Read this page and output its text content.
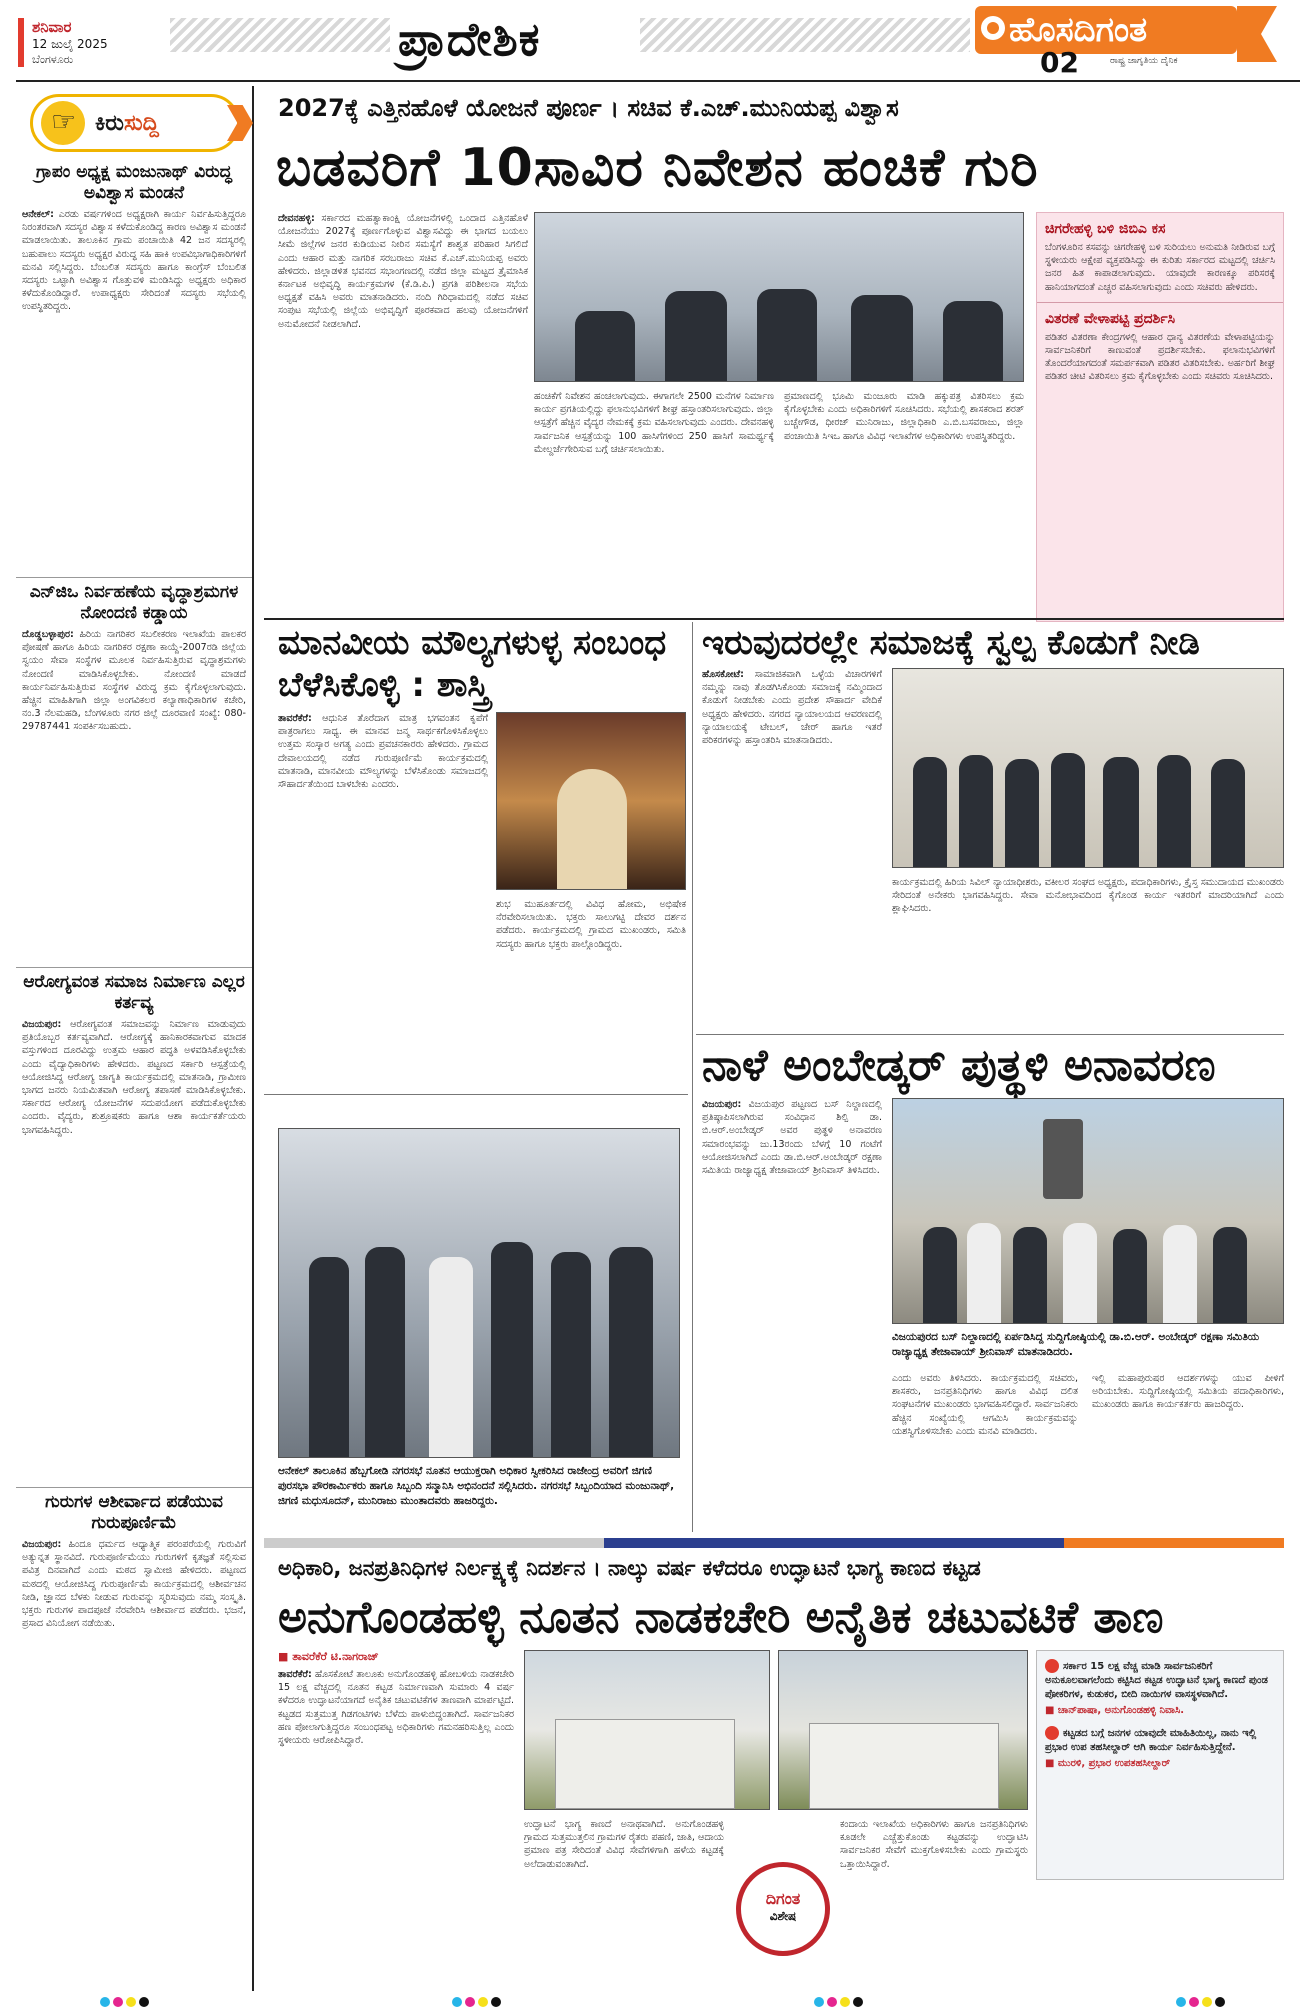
ಶನಿವಾರ
12 ಜುಲೈ 2025
ಬೆಂಗಳೂರು	ಪ್ರಾದೇಶಿಕ	ಹೊಸದಿಗಂತ
02	ರಾಷ್ಟ್ರ ಜಾಗೃತಿಯ ದೈನಿಕ
☞
ಕಿರುಸುದ್ದಿ
ಗ್ರಾಪಂ ಅಧ್ಯಕ್ಷ ಮಂಜುನಾಥ್ ವಿರುದ್ಧ ಅವಿಶ್ವಾಸ ಮಂಡನೆ

ಆನೇಕಲ್: ಎರಡು ವರ್ಷಗಳಿಂದ ಅಧ್ಯಕ್ಷರಾಗಿ ಕಾರ್ಯ ನಿರ್ವಹಿಸುತ್ತಿದ್ದರೂ ನಿರಂತರವಾಗಿ ಸದಸ್ಯರ ವಿಶ್ವಾಸ ಕಳೆದುಕೊಂಡಿದ್ದ ಕಾರಣ ಅವಿಶ್ವಾಸ ಮಂಡನೆ ಮಾಡಲಾಯಿತು. ತಾಲೂಕಿನ ಗ್ರಾಮ ಪಂಚಾಯಿತಿ 42 ಜನ ಸದಸ್ಯರಲ್ಲಿ ಬಹುಪಾಲು ಸದಸ್ಯರು ಅಧ್ಯಕ್ಷರ ವಿರುದ್ಧ ಸಹಿ ಹಾಕಿ ಉಪವಿಭಾಗಾಧಿಕಾರಿಗಳಿಗೆ ಮನವಿ ಸಲ್ಲಿಸಿದ್ದರು. ಬೆಂಬಲಿತ ಸದಸ್ಯರು ಹಾಗೂ ಕಾಂಗ್ರೆಸ್ ಬೆಂಬಲಿತ ಸದಸ್ಯರು ಒಟ್ಟಾಗಿ ಅವಿಶ್ವಾಸ ಗೊತ್ತುವಳಿ ಮಂಡಿಸಿದ್ದು ಅಧ್ಯಕ್ಷರು ಅಧಿಕಾರ ಕಳೆದುಕೊಂಡಿದ್ದಾರೆ. ಉಪಾಧ್ಯಕ್ಷರು ಸೇರಿದಂತೆ ಸದಸ್ಯರು ಸಭೆಯಲ್ಲಿ ಉಪಸ್ಥಿತರಿದ್ದರು.

ಎನ್‌ಜಿಒ ನಿರ್ವಹಣೆಯ ವೃದ್ಧಾಶ್ರಮಗಳ ನೋಂದಣಿ ಕಡ್ಡಾಯ

ದೊಡ್ಡಬಳ್ಳಾಪುರ: ಹಿರಿಯ ನಾಗರಿಕರ ಸಬಲೀಕರಣ ಇಲಾಖೆಯ ಪಾಲಕರ ಪೋಷಣೆ ಹಾಗೂ ಹಿರಿಯ ನಾಗರಿಕರ ರಕ್ಷಣಾ ಕಾಯ್ದೆ-2007ರಡಿ ಜಿಲ್ಲೆಯ ಸ್ವಯಂ ಸೇವಾ ಸಂಸ್ಥೆಗಳ ಮೂಲಕ ನಿರ್ವಹಿಸುತ್ತಿರುವ ವೃದ್ಧಾಶ್ರಮಗಳು ನೋಂದಣಿ ಮಾಡಿಸಿಕೊಳ್ಳಬೇಕು. ನೋಂದಣಿ ಮಾಡದೆ ಕಾರ್ಯನಿರ್ವಹಿಸುತ್ತಿರುವ ಸಂಸ್ಥೆಗಳ ವಿರುದ್ಧ ಕ್ರಮ ಕೈಗೊಳ್ಳಲಾಗುವುದು. ಹೆಚ್ಚಿನ ಮಾಹಿತಿಗಾಗಿ ಜಿಲ್ಲಾ ಅಂಗವಿಕಲರ ಕಲ್ಯಾಣಾಧಿಕಾರಿಗಳ ಕಚೇರಿ, ನಂ.3 ನೆಲಮಹಡಿ, ಬೆಂಗಳೂರು ನಗರ ಜಿಲ್ಲೆ ದೂರವಾಣಿ ಸಂಖ್ಯೆ: 080-29787441 ಸಂಪರ್ಕಿಸಬಹುದು.

ಆರೋಗ್ಯವಂತ ಸಮಾಜ ನಿರ್ಮಾಣ ಎಲ್ಲರ ಕರ್ತವ್ಯ

ವಿಜಯಪುರ: ಆರೋಗ್ಯವಂತ ಸಮಾಜವನ್ನು ನಿರ್ಮಾಣ ಮಾಡುವುದು ಪ್ರತಿಯೊಬ್ಬರ ಕರ್ತವ್ಯವಾಗಿದೆ. ಆರೋಗ್ಯಕ್ಕೆ ಹಾನಿಕಾರಕವಾಗುವ ಮಾದಕ ವಸ್ತುಗಳಿಂದ ದೂರವಿದ್ದು ಉತ್ತಮ ಆಹಾರ ಪದ್ಧತಿ ಅಳವಡಿಸಿಕೊಳ್ಳಬೇಕು ಎಂದು ವೈದ್ಯಾಧಿಕಾರಿಗಳು ಹೇಳಿದರು. ಪಟ್ಟಣದ ಸರ್ಕಾರಿ ಆಸ್ಪತ್ರೆಯಲ್ಲಿ ಆಯೋಜಿಸಿದ್ದ ಆರೋಗ್ಯ ಜಾಗೃತಿ ಕಾರ್ಯಕ್ರಮದಲ್ಲಿ ಮಾತನಾಡಿ, ಗ್ರಾಮೀಣ ಭಾಗದ ಜನರು ನಿಯಮಿತವಾಗಿ ಆರೋಗ್ಯ ತಪಾಸಣೆ ಮಾಡಿಸಿಕೊಳ್ಳಬೇಕು. ಸರ್ಕಾರದ ಆರೋಗ್ಯ ಯೋಜನೆಗಳ ಸದುಪಯೋಗ ಪಡೆದುಕೊಳ್ಳಬೇಕು ಎಂದರು. ವೈದ್ಯರು, ಶುಶ್ರೂಷಕರು ಹಾಗೂ ಆಶಾ ಕಾರ್ಯಕರ್ತೆಯರು ಭಾಗವಹಿಸಿದ್ದರು.

ಗುರುಗಳ ಆಶೀರ್ವಾದ ಪಡೆಯುವ ಗುರುಪೂರ್ಣಿಮೆ

ವಿಜಯಪುರ: ಹಿಂದೂ ಧರ್ಮದ ಆಧ್ಯಾತ್ಮಿಕ ಪರಂಪರೆಯಲ್ಲಿ ಗುರುವಿಗೆ ಅತ್ಯುನ್ನತ ಸ್ಥಾನವಿದೆ. ಗುರುಪೂರ್ಣಿಮೆಯು ಗುರುಗಳಿಗೆ ಕೃತಜ್ಞತೆ ಸಲ್ಲಿಸುವ ಪವಿತ್ರ ದಿನವಾಗಿದೆ ಎಂದು ಮಠದ ಸ್ವಾಮೀಜಿ ಹೇಳಿದರು. ಪಟ್ಟಣದ ಮಠದಲ್ಲಿ ಆಯೋಜಿಸಿದ್ದ ಗುರುಪೂರ್ಣಿಮೆ ಕಾರ್ಯಕ್ರಮದಲ್ಲಿ ಆಶೀರ್ವಚನ ನೀಡಿ, ಜ್ಞಾನದ ಬೆಳಕು ನೀಡುವ ಗುರುವನ್ನು ಸ್ಮರಿಸುವುದು ನಮ್ಮ ಸಂಸ್ಕೃತಿ. ಭಕ್ತರು ಗುರುಗಳ ಪಾದಪೂಜೆ ನೆರವೇರಿಸಿ ಆಶೀರ್ವಾದ ಪಡೆದರು. ಭಜನೆ, ಪ್ರಸಾದ ವಿನಿಯೋಗ ನಡೆಯಿತು.

2027ಕ್ಕೆ ಎತ್ತಿನಹೊಳೆ ಯೋಜನೆ ಪೂರ್ಣ । ಸಚಿವ ಕೆ.ಎಚ್.ಮುನಿಯಪ್ಪ ವಿಶ್ವಾಸ
ಬಡವರಿಗೆ 10ಸಾವಿರ ನಿವೇಶನ ಹಂಚಿಕೆ ಗುರಿ
ದೇವನಹಳ್ಳಿ: ಸರ್ಕಾರದ ಮಹತ್ವಾಕಾಂಕ್ಷಿ ಯೋಜನೆಗಳಲ್ಲಿ ಒಂದಾದ ಎತ್ತಿನಹೊಳೆ ಯೋಜನೆಯು 2027ಕ್ಕೆ ಪೂರ್ಣಗೊಳ್ಳುವ ವಿಶ್ವಾಸವಿದ್ದು ಈ ಭಾಗದ ಬಯಲು ಸೀಮೆ ಜಿಲ್ಲೆಗಳ ಜನರ ಕುಡಿಯುವ ನೀರಿನ ಸಮಸ್ಯೆಗೆ ಶಾಶ್ವತ ಪರಿಹಾರ ಸಿಗಲಿದೆ ಎಂದು ಆಹಾರ ಮತ್ತು ನಾಗರಿಕ ಸರಬರಾಜು ಸಚಿವ ಕೆ.ಎಚ್.ಮುನಿಯಪ್ಪ ಅವರು ಹೇಳಿದರು. ಜಿಲ್ಲಾಡಳಿತ ಭವನದ ಸಭಾಂಗಣದಲ್ಲಿ ನಡೆದ ಜಿಲ್ಲಾ ಮಟ್ಟದ ತ್ರೈಮಾಸಿಕ ಕರ್ನಾಟಕ ಅಭಿವೃದ್ಧಿ ಕಾರ್ಯಕ್ರಮಗಳ (ಕೆ.ಡಿ.ಪಿ.) ಪ್ರಗತಿ ಪರಿಶೀಲನಾ ಸಭೆಯ ಅಧ್ಯಕ್ಷತೆ ವಹಿಸಿ ಅವರು ಮಾತನಾಡಿದರು. ನಂದಿ ಗಿರಿಧಾಮದಲ್ಲಿ ನಡೆದ ಸಚಿವ ಸಂಪುಟ ಸಭೆಯಲ್ಲಿ ಜಿಲ್ಲೆಯ ಅಭಿವೃದ್ಧಿಗೆ ಪೂರಕವಾದ ಹಲವು ಯೋಜನೆಗಳಿಗೆ ಅನುಮೋದನೆ ನೀಡಲಾಗಿದೆ.
ಹಂಚಿಕೆಗೆ ನಿವೇಶನ ಹಂಚಲಾಗುವುದು. ಈಗಾಗಲೇ 2500 ಮನೆಗಳ ನಿರ್ಮಾಣ ಕಾರ್ಯ ಪ್ರಗತಿಯಲ್ಲಿದ್ದು ಫಲಾನುಭವಿಗಳಿಗೆ ಶೀಘ್ರ ಹಸ್ತಾಂತರಿಸಲಾಗುವುದು. ಜಿಲ್ಲಾ ಆಸ್ಪತ್ರೆಗೆ ಹೆಚ್ಚಿನ ವೈದ್ಯರ ನೇಮಕಕ್ಕೆ ಕ್ರಮ ವಹಿಸಲಾಗುವುದು ಎಂದರು. ದೇವನಹಳ್ಳಿ ಸಾರ್ವಜನಿಕ ಆಸ್ಪತ್ರೆಯನ್ನು 100 ಹಾಸಿಗೆಗಳಿಂದ 250 ಹಾಸಿಗೆ ಸಾಮರ್ಥ್ಯಕ್ಕೆ ಮೇಲ್ದರ್ಜೆಗೇರಿಸುವ ಬಗ್ಗೆ ಚರ್ಚಿಸಲಾಯಿತು.
ಪ್ರಮಾಣದಲ್ಲಿ ಭೂಮಿ ಮಂಜೂರು ಮಾಡಿ ಹಕ್ಕುಪತ್ರ ವಿತರಿಸಲು ಕ್ರಮ ಕೈಗೊಳ್ಳಬೇಕು ಎಂದು ಅಧಿಕಾರಿಗಳಿಗೆ ಸೂಚಿಸಿದರು. ಸಭೆಯಲ್ಲಿ ಶಾಸಕರಾದ ಶರತ್ ಬಚ್ಚೇಗೌಡ, ಧೀರಜ್ ಮುನಿರಾಜು, ಜಿಲ್ಲಾಧಿಕಾರಿ ಎ.ಬಿ.ಬಸವರಾಜು, ಜಿಲ್ಲಾ ಪಂಚಾಯಿತಿ ಸಿಇಒ ಹಾಗೂ ವಿವಿಧ ಇಲಾಖೆಗಳ ಅಧಿಕಾರಿಗಳು ಉಪಸ್ಥಿತರಿದ್ದರು.
ಚಿಗರೇಹಳ್ಳಿ ಬಳಿ ಜಿಬಿಎ ಕಸ

ಬೆಂಗಳೂರಿನ ಕಸವನ್ನು ಚಿಗರೇಹಳ್ಳಿ ಬಳಿ ಸುರಿಯಲು ಅನುಮತಿ ನೀಡಿರುವ ಬಗ್ಗೆ ಸ್ಥಳೀಯರು ಆಕ್ಷೇಪ ವ್ಯಕ್ತಪಡಿಸಿದ್ದು ಈ ಕುರಿತು ಸರ್ಕಾರದ ಮಟ್ಟದಲ್ಲಿ ಚರ್ಚಿಸಿ ಜನರ ಹಿತ ಕಾಪಾಡಲಾಗುವುದು. ಯಾವುದೇ ಕಾರಣಕ್ಕೂ ಪರಿಸರಕ್ಕೆ ಹಾನಿಯಾಗದಂತೆ ಎಚ್ಚರ ವಹಿಸಲಾಗುವುದು ಎಂದು ಸಚಿವರು ಹೇಳಿದರು.

ವಿತರಣೆ ವೇಳಾಪಟ್ಟಿ ಪ್ರದರ್ಶಿಸಿ

ಪಡಿತರ ವಿತರಣಾ ಕೇಂದ್ರಗಳಲ್ಲಿ ಆಹಾರ ಧಾನ್ಯ ವಿತರಣೆಯ ವೇಳಾಪಟ್ಟಿಯನ್ನು ಸಾರ್ವಜನಿಕರಿಗೆ ಕಾಣುವಂತೆ ಪ್ರದರ್ಶಿಸಬೇಕು. ಫಲಾನುಭವಿಗಳಿಗೆ ತೊಂದರೆಯಾಗದಂತೆ ಸಮರ್ಪಕವಾಗಿ ಪಡಿತರ ವಿತರಿಸಬೇಕು. ಅರ್ಹರಿಗೆ ಶೀಘ್ರ ಪಡಿತರ ಚೀಟಿ ವಿತರಿಸಲು ಕ್ರಮ ಕೈಗೊಳ್ಳಬೇಕು ಎಂದು ಸಚಿವರು ಸೂಚಿಸಿದರು.

ಮಾನವೀಯ ಮೌಲ್ಯಗಳುಳ್ಳ ಸಂಬಂಧ ಬೆಳೆಸಿಕೊಳ್ಳಿ : ಶಾಸ್ತ್ರಿ
ತಾವರೆಕೆರೆ: ಆಧುನಿಕ ತೊರೆದಾಗ ಮಾತ್ರ ಭಗವಂತನ ಕೃಪೆಗೆ ಪಾತ್ರರಾಗಲು ಸಾಧ್ಯ. ಈ ಮಾನವ ಜನ್ಮ ಸಾರ್ಥಕಗೊಳಿಸಿಕೊಳ್ಳಲು ಉತ್ತಮ ಸಂಸ್ಕಾರ ಅಗತ್ಯ ಎಂದು ಪ್ರವಚನಕಾರರು ಹೇಳಿದರು. ಗ್ರಾಮದ ದೇವಾಲಯದಲ್ಲಿ ನಡೆದ ಗುರುಪೂರ್ಣಿಮೆ ಕಾರ್ಯಕ್ರಮದಲ್ಲಿ ಮಾತನಾಡಿ, ಮಾನವೀಯ ಮೌಲ್ಯಗಳನ್ನು ಬೆಳೆಸಿಕೊಂಡು ಸಮಾಜದಲ್ಲಿ ಸೌಹಾರ್ದತೆಯಿಂದ ಬಾಳಬೇಕು ಎಂದರು.
ಶುಭ ಮುಹೂರ್ತದಲ್ಲಿ ವಿವಿಧ ಹೋಮ, ಅಭಿಷೇಕ ನೆರವೇರಿಸಲಾಯಿತು. ಭಕ್ತರು ಸಾಲುಗಟ್ಟಿ ದೇವರ ದರ್ಶನ ಪಡೆದರು. ಕಾರ್ಯಕ್ರಮದಲ್ಲಿ ಗ್ರಾಮದ ಮುಖಂಡರು, ಸಮಿತಿ ಸದಸ್ಯರು ಹಾಗೂ ಭಕ್ತರು ಪಾಲ್ಗೊಂಡಿದ್ದರು.
ಇರುವುದರಲ್ಲೇ ಸಮಾಜಕ್ಕೆ ಸ್ವಲ್ಪ ಕೊಡುಗೆ ನೀಡಿ
ಹೊಸಕೋಟೆ: ಸಾಮಾಜಿಕವಾಗಿ ಒಳ್ಳೆಯ ವಿಚಾರಗಳಿಗೆ ನಮ್ಮನ್ನು ನಾವು ತೊಡಗಿಸಿಕೊಂಡು ಸಮಾಜಕ್ಕೆ ನಮ್ಮಿಂದಾದ ಕೊಡುಗೆ ನೀಡಬೇಕು ಎಂದು ಪ್ರದೇಶ ಸೌಹಾರ್ದ ವೇದಿಕೆ ಅಧ್ಯಕ್ಷರು ಹೇಳಿದರು. ನಗರದ ನ್ಯಾಯಾಲಯದ ಆವರಣದಲ್ಲಿ ನ್ಯಾಯಾಲಯಕ್ಕೆ ಟೇಬಲ್, ಚೇರ್ ಹಾಗೂ ಇತರೆ ಪರಿಕರಗಳನ್ನು ಹಸ್ತಾಂತರಿಸಿ ಮಾತನಾಡಿದರು.
ಕಾರ್ಯಕ್ರಮದಲ್ಲಿ ಹಿರಿಯ ಸಿವಿಲ್ ನ್ಯಾಯಾಧೀಶರು, ವಕೀಲರ ಸಂಘದ ಅಧ್ಯಕ್ಷರು, ಪದಾಧಿಕಾರಿಗಳು, ಕ್ರೈಸ್ತ ಸಮುದಾಯದ ಮುಖಂಡರು ಸೇರಿದಂತೆ ಅನೇಕರು ಭಾಗವಹಿಸಿದ್ದರು. ಸೇವಾ ಮನೋಭಾವದಿಂದ ಕೈಗೊಂಡ ಕಾರ್ಯ ಇತರರಿಗೆ ಮಾದರಿಯಾಗಿದೆ ಎಂದು ಶ್ಲಾಘಿಸಿದರು.
ಆನೇಕಲ್ ತಾಲೂಕಿನ ಹೆಬ್ಬಗೋಡಿ ನಗರಸಭೆ ನೂತನ ಆಯುಕ್ತರಾಗಿ ಅಧಿಕಾರ ಸ್ವೀಕರಿಸಿದ ರಾಜೇಂದ್ರ ಅವರಿಗೆ ಜಿಗಣಿ ಪುರಸಭಾ ಪೌರಕಾರ್ಮಿಕರು ಹಾಗೂ ಸಿಬ್ಬಂದಿ ಸನ್ಮಾನಿಸಿ ಅಭಿನಂದನೆ ಸಲ್ಲಿಸಿದರು. ನಗರಸಭೆ ಸಿಬ್ಬಂದಿಯಾದ ಮಂಜುನಾಥ್, ಜಿಗಣಿ ಮಧುಸೂದನ್, ಮುನಿರಾಜು ಮುಂತಾದವರು ಹಾಜರಿದ್ದರು.
ನಾಳೆ ಅಂಬೇಡ್ಕರ್ ಪುತ್ಥಳಿ ಅನಾವರಣ
ವಿಜಯಪುರ: ವಿಜಯಪುರ ಪಟ್ಟಣದ ಬಸ್ ನಿಲ್ದಾಣದಲ್ಲಿ ಪ್ರತಿಷ್ಠಾಪಿಸಲಾಗಿರುವ ಸಂವಿಧಾನ ಶಿಲ್ಪಿ ಡಾ. ಬಿ.ಆರ್.ಅಂಬೇಡ್ಕರ್ ಅವರ ಪುತ್ಥಳಿ ಅನಾವರಣ ಸಮಾರಂಭವನ್ನು ಜು.13ರಂದು ಬೆಳಗ್ಗೆ 10 ಗಂಟೆಗೆ ಆಯೋಜಿಸಲಾಗಿದೆ ಎಂದು ಡಾ.ಬಿ.ಆರ್.ಅಂಬೇಡ್ಕರ್ ರಕ್ಷಣಾ ಸಮಿತಿಯ ರಾಜ್ಯಾಧ್ಯಕ್ಷ ತೇಜಾವಾಯ್ ಶ್ರೀನಿವಾಸ್ ತಿಳಿಸಿದರು.
ವಿಜಯಪುರದ ಬಸ್ ನಿಲ್ದಾಣದಲ್ಲಿ ಏರ್ಪಡಿಸಿದ್ದ ಸುದ್ದಿಗೋಷ್ಠಿಯಲ್ಲಿ ಡಾ.ಬಿ.ಆರ್. ಅಂಬೇಡ್ಕರ್ ರಕ್ಷಣಾ ಸಮಿತಿಯ ರಾಜ್ಯಾಧ್ಯಕ್ಷ ತೇಜಾವಾಯ್ ಶ್ರೀನಿವಾಸ್ ಮಾತನಾಡಿದರು.
ಎಂದು ಅವರು ತಿಳಿಸಿದರು. ಕಾರ್ಯಕ್ರಮದಲ್ಲಿ ಸಚಿವರು, ಶಾಸಕರು, ಜನಪ್ರತಿನಿಧಿಗಳು ಹಾಗೂ ವಿವಿಧ ದಲಿತ ಸಂಘಟನೆಗಳ ಮುಖಂಡರು ಭಾಗವಹಿಸಲಿದ್ದಾರೆ. ಸಾರ್ವಜನಿಕರು ಹೆಚ್ಚಿನ ಸಂಖ್ಯೆಯಲ್ಲಿ ಆಗಮಿಸಿ ಕಾರ್ಯಕ್ರಮವನ್ನು ಯಶಸ್ವಿಗೊಳಿಸಬೇಕು ಎಂದು ಮನವಿ ಮಾಡಿದರು.
ಇಲ್ಲಿ ಮಹಾಪುರುಷರ ಆದರ್ಶಗಳನ್ನು ಯುವ ಪೀಳಿಗೆ ಅರಿಯಬೇಕು. ಸುದ್ದಿಗೋಷ್ಠಿಯಲ್ಲಿ ಸಮಿತಿಯ ಪದಾಧಿಕಾರಿಗಳು, ಮುಖಂಡರು ಹಾಗೂ ಕಾರ್ಯಕರ್ತರು ಹಾಜರಿದ್ದರು.
ಅಧಿಕಾರಿ, ಜನಪ್ರತಿನಿಧಿಗಳ ನಿರ್ಲಕ್ಷ್ಯಕ್ಕೆ ನಿದರ್ಶನ । ನಾಲ್ಕು ವರ್ಷ ಕಳೆದರೂ ಉದ್ಘಾಟನೆ ಭಾಗ್ಯ ಕಾಣದ ಕಟ್ಟಡ
ಅನುಗೊಂಡಹಳ್ಳಿ ನೂತನ ನಾಡಕಚೇರಿ ಅನೈತಿಕ ಚಟುವಟಿಕೆ ತಾಣ
■ ತಾವರೆಕೆರೆ ಟಿ.ನಾಗರಾಜ್
ತಾವರೆಕೆರೆ: ಹೊಸಕೋಟೆ ತಾಲೂಕು ಅನುಗೊಂಡಹಳ್ಳಿ ಹೋಬಳಿಯ ನಾಡಕಚೇರಿ 15 ಲಕ್ಷ ವೆಚ್ಚದಲ್ಲಿ ನೂತನ ಕಟ್ಟಡ ನಿರ್ಮಾಣವಾಗಿ ಸುಮಾರು 4 ವರ್ಷ ಕಳೆದರೂ ಉದ್ಘಾಟನೆಯಾಗದೆ ಅನೈತಿಕ ಚಟುವಟಿಕೆಗಳ ತಾಣವಾಗಿ ಮಾರ್ಪಟ್ಟಿದೆ. ಕಟ್ಟಡದ ಸುತ್ತಮುತ್ತ ಗಿಡಗಂಟಿಗಳು ಬೆಳೆದು ಪಾಳುಬಿದ್ದಂತಾಗಿದೆ. ಸಾರ್ವಜನಿಕರ ಹಣ ಪೋಲಾಗುತ್ತಿದ್ದರೂ ಸಂಬಂಧಪಟ್ಟ ಅಧಿಕಾರಿಗಳು ಗಮನಹರಿಸುತ್ತಿಲ್ಲ ಎಂದು ಸ್ಥಳೀಯರು ಆರೋಪಿಸಿದ್ದಾರೆ.
ಉದ್ಘಾಟನೆ ಭಾಗ್ಯ ಕಾಣದೆ ಅನಾಥವಾಗಿದೆ. ಅನುಗೊಂಡಹಳ್ಳಿ ಗ್ರಾಮದ ಸುತ್ತಮುತ್ತಲಿನ ಗ್ರಾಮಗಳ ರೈತರು ಪಹಣಿ, ಜಾತಿ, ಆದಾಯ ಪ್ರಮಾಣ ಪತ್ರ ಸೇರಿದಂತೆ ವಿವಿಧ ಸೇವೆಗಳಿಗಾಗಿ ಹಳೆಯ ಕಟ್ಟಡಕ್ಕೆ ಅಲೆದಾಡುವಂತಾಗಿದೆ.
ಕಂದಾಯ ಇಲಾಖೆಯ ಅಧಿಕಾರಿಗಳು ಹಾಗೂ ಜನಪ್ರತಿನಿಧಿಗಳು ಕೂಡಲೇ ಎಚ್ಚೆತ್ತುಕೊಂಡು ಕಟ್ಟಡವನ್ನು ಉದ್ಘಾಟಿಸಿ ಸಾರ್ವಜನಿಕರ ಸೇವೆಗೆ ಮುಕ್ತಗೊಳಿಸಬೇಕು ಎಂದು ಗ್ರಾಮಸ್ಥರು ಒತ್ತಾಯಿಸಿದ್ದಾರೆ.
ದಿಗಂತ
ವಿಶೇಷ
ಸರ್ಕಾರ 15 ಲಕ್ಷ ವೆಚ್ಚ ಮಾಡಿ ಸಾರ್ವಜನಿಕರಿಗೆ ಅನುಕೂಲವಾಗಲೆಂದು ಕಟ್ಟಿಸಿದ ಕಟ್ಟಡ ಉದ್ಘಾಟನೆ ಭಾಗ್ಯ ಕಾಣದೆ ಪುಂಡ ಪೋಕರಿಗಳ, ಕುಡುಕರ, ಬೀದಿ ನಾಯಿಗಳ ವಾಸಸ್ಥಳವಾಗಿದೆ.
■ ಚಾನ್‌ಪಾಷಾ, ಅನುಗೊಂಡಹಳ್ಳಿ ನಿವಾಸಿ.
ಕಟ್ಟಡದ ಬಗ್ಗೆ ಜನಗಳ ಯಾವುದೇ ಮಾಹಿತಿಯಿಲ್ಲ, ನಾನು ಇಲ್ಲಿ ಪ್ರಭಾರ ಉಪ ತಹಸೀಲ್ದಾರ್ ಆಗಿ ಕಾರ್ಯ ನಿರ್ವಹಿಸುತ್ತಿದ್ದೇನೆ.
■ ಮುರಳಿ, ಪ್ರಭಾರ ಉಪತಹಸೀಲ್ದಾರ್
